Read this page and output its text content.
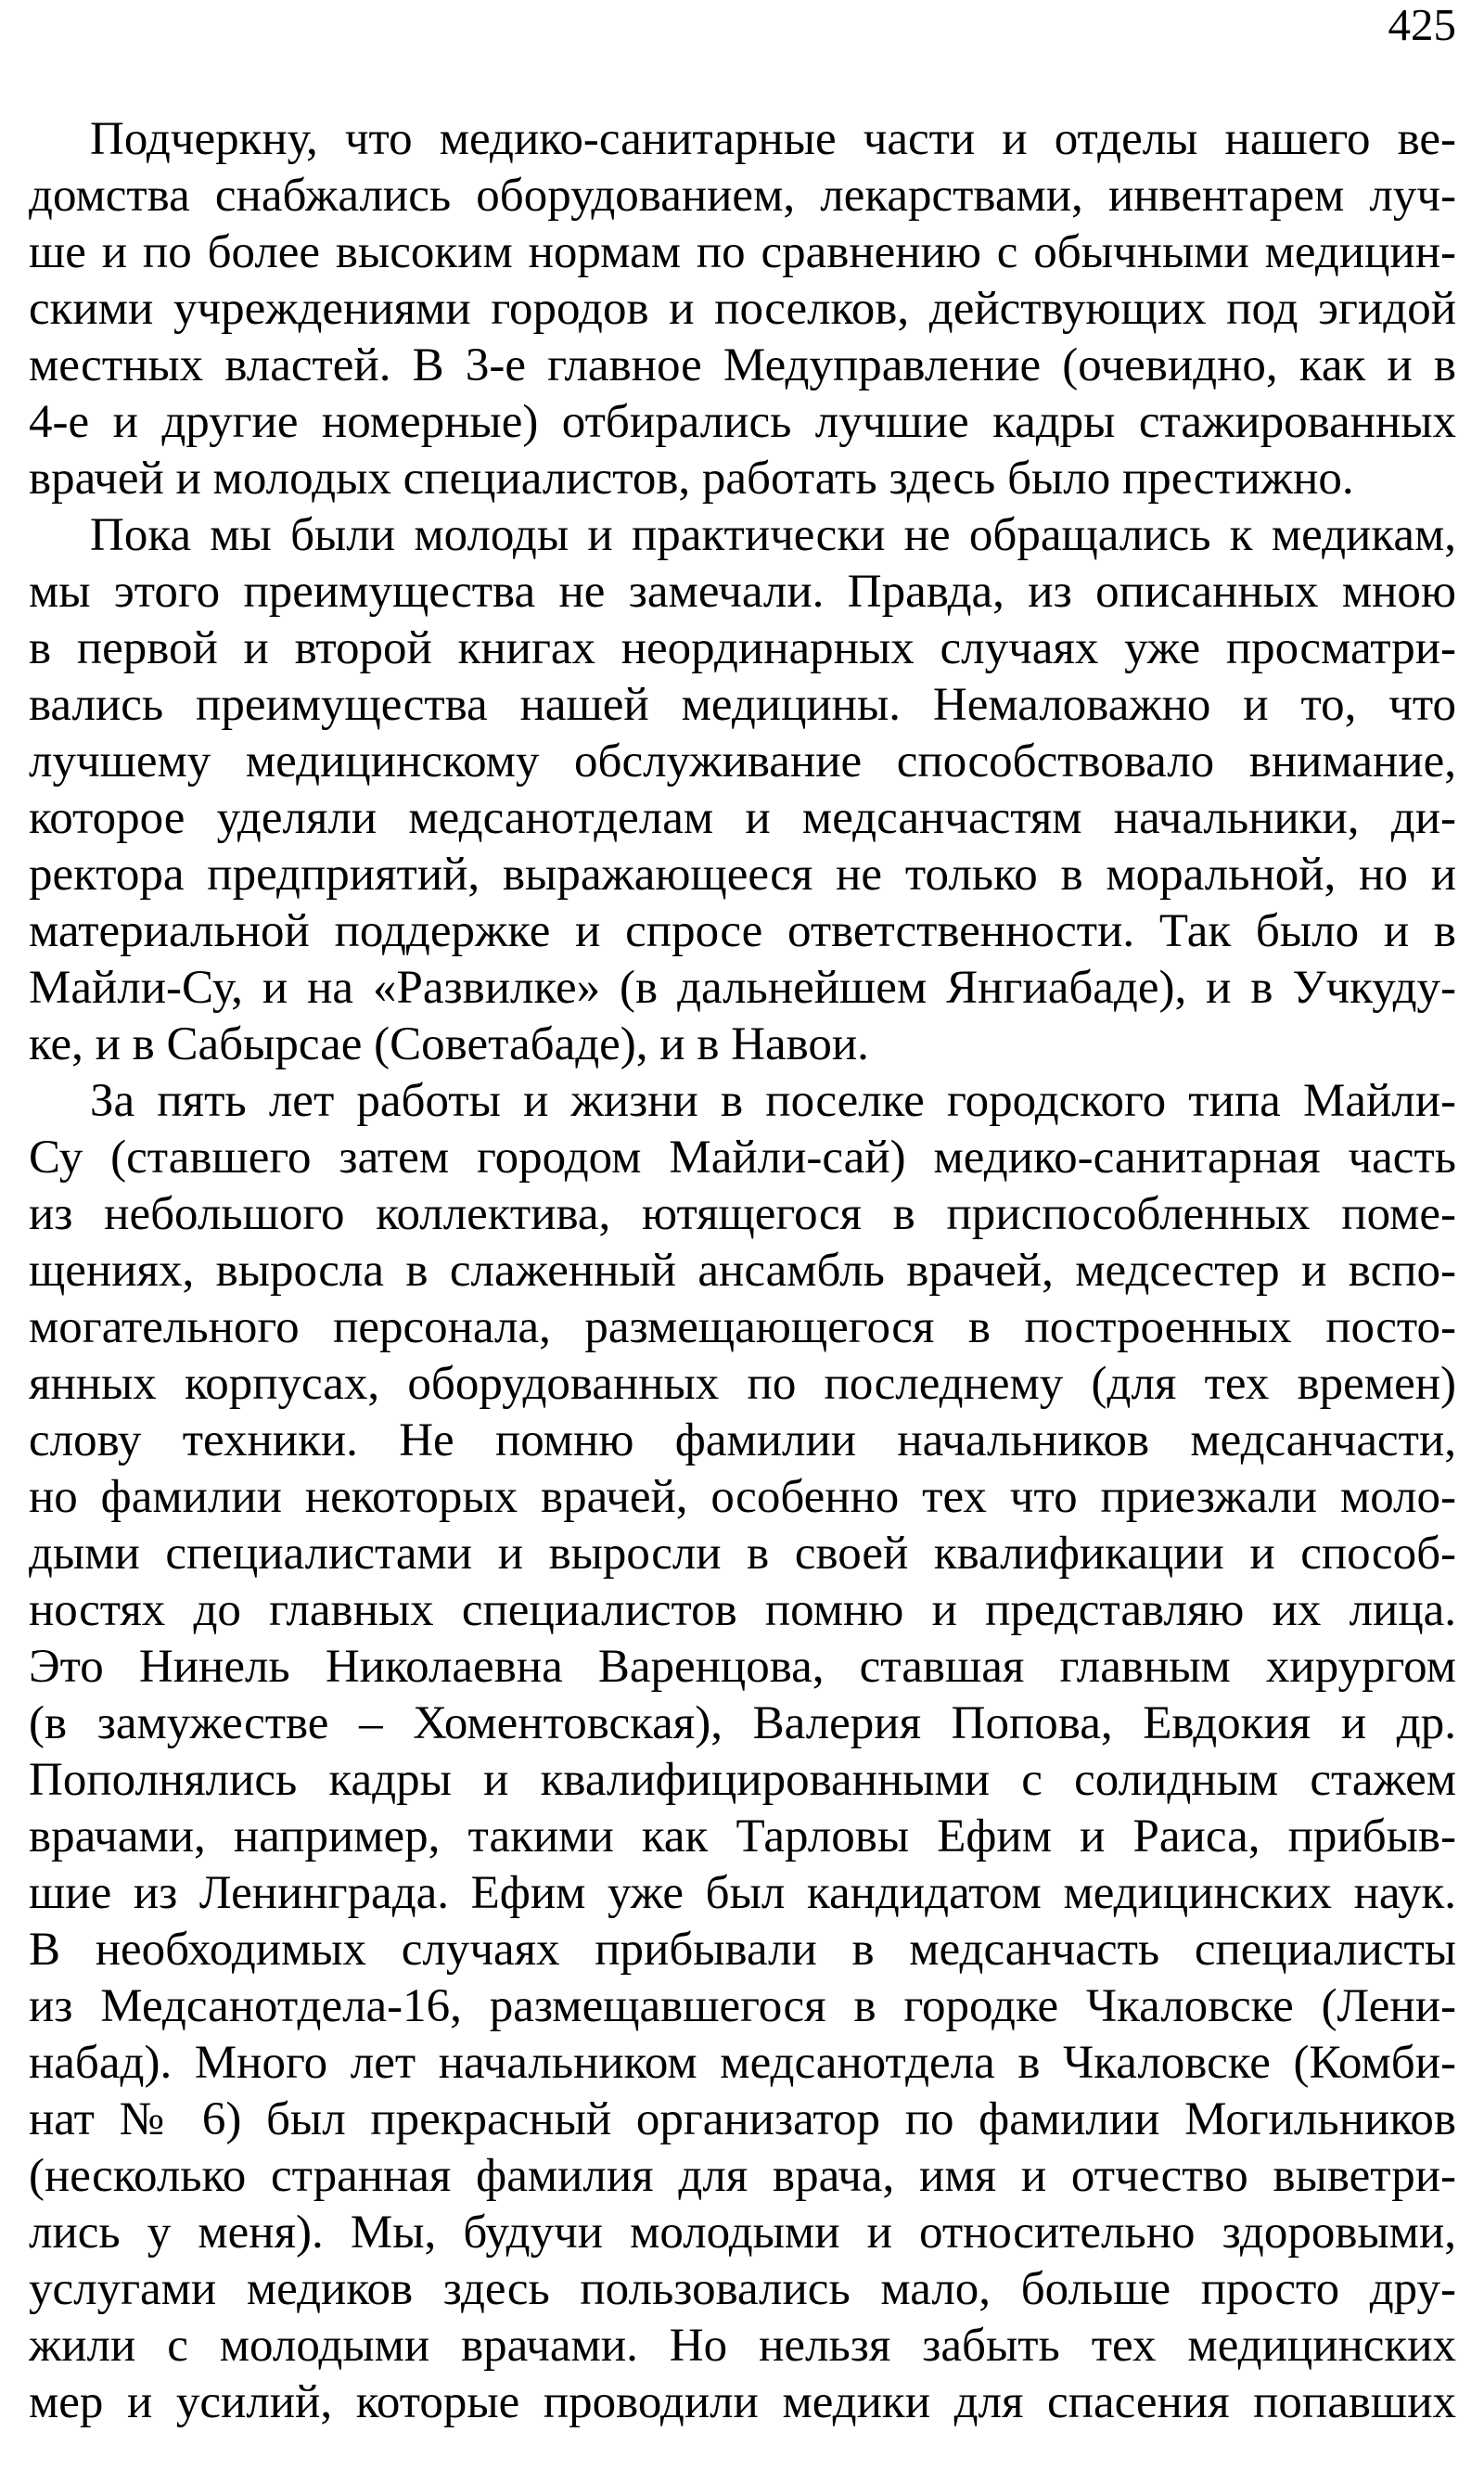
425
Подчеркну, что медико-санитарные части и отделы нашего ве-
домства снабжались оборудованием, лекарствами, инвентарем луч-
ше и по более высоким нормам по сравнению с обычными медицин-
скими учреждениями городов и поселков, действующих под эгидой
местных властей. В 3-е главное Медуправление (очевидно, как и в
4-е и другие номерные) отбирались лучшие кадры стажированных
врачей и молодых специалистов, работать здесь было престижно.
Пока мы были молоды и практически не обращались к медикам,
мы этого преимущества не замечали. Правда, из описанных мною
в первой и второй книгах неординарных случаях уже просматри-
вались преимущества нашей медицины. Немаловажно и то, что
лучшему медицинскому обслуживание способствовало внимание,
которое уделяли медсанотделам и медсанчастям начальники, ди-
ректора предприятий, выражающееся не только в моральной, но и
материальной поддержке и спросе ответственности. Так было и в
Майли-Су, и на «Развилке» (в дальнейшем Янгиабаде), и в Учкуду-
ке, и в Сабырсае (Советабаде), и в Навои.
За пять лет работы и жизни в поселке городского типа Майли-
Су (ставшего затем городом Майли-сай) медико-санитарная часть
из небольшого коллектива, ютящегося в приспособленных поме-
щениях, выросла в слаженный ансамбль врачей, медсестер и вспо-
могательного персонала, размещающегося в построенных посто-
янных корпусах, оборудованных по последнему (для тех времен)
слову техники. Не помню фамилии начальников медсанчасти,
но фамилии некоторых врачей, особенно тех что приезжали моло-
дыми специалистами и выросли в своей квалификации и способ-
ностях до главных специалистов помню и представляю их лица.
Это Нинель Николаевна Варенцова, ставшая главным хирургом
(в замужестве – Хоментовская), Валерия Попова, Евдокия и др.
Пополнялись кадры и квалифицированными с солидным стажем
врачами, например, такими как Тарловы Ефим и Раиса, прибыв-
шие из Ленинграда. Ефим уже был кандидатом медицинских наук.
В необходимых случаях прибывали в медсанчасть специалисты
из Медсанотдела-16, размещавшегося в городке Чкаловске (Лени-
набад). Много лет начальником медсанотдела в Чкаловске (Комби-
нат № 6) был прекрасный организатор по фамилии Могильников
(несколько странная фамилия для врача, имя и отчество выветри-
лись у меня). Мы, будучи молодыми и относительно здоровыми,
услугами медиков здесь пользовались мало, больше просто дру-
жили с молодыми врачами. Но нельзя забыть тех медицинских
мер и усилий, которые проводили медики для спасения попавших
